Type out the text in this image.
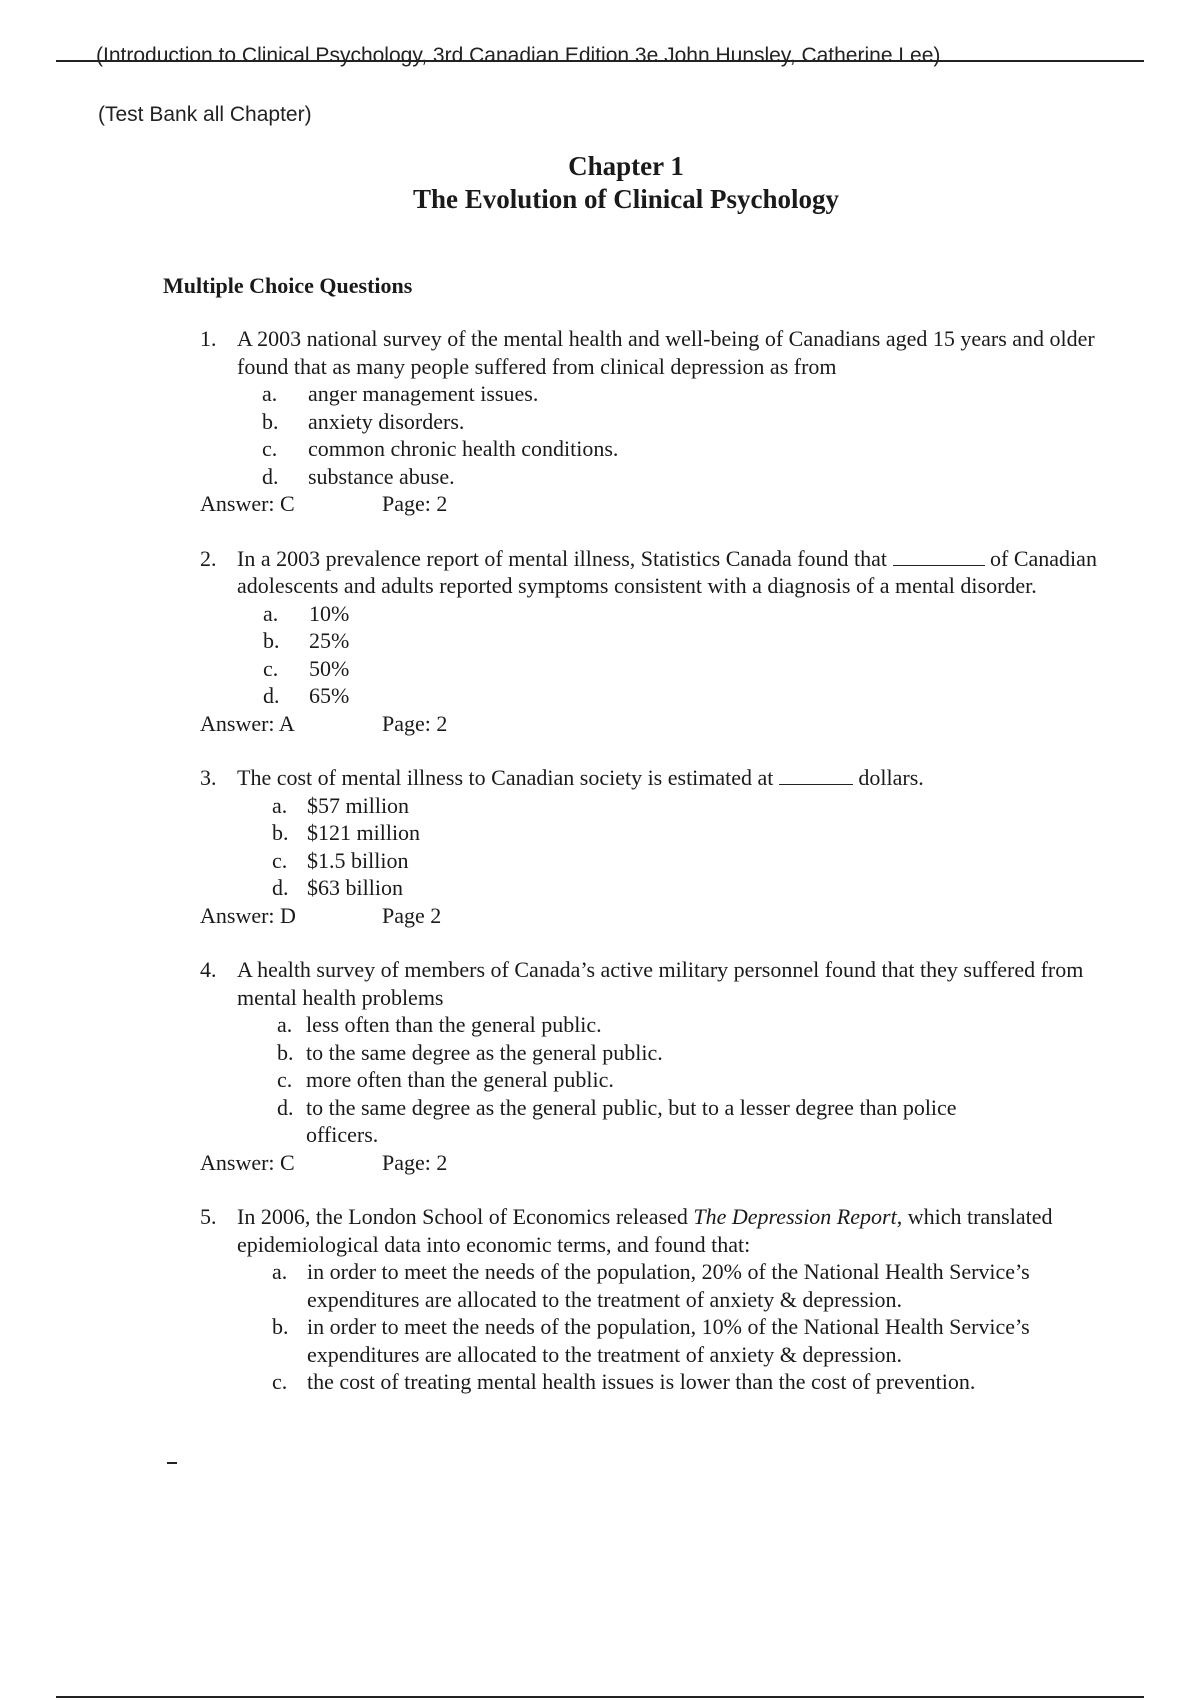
(Introduction to Clinical Psychology, 3rd Canadian Edition 3e John Hunsley, Catherine Lee)
(Test Bank all Chapter)
Chapter 1
The Evolution of Clinical Psychology
Multiple Choice Questions
1. A 2003 national survey of the mental health and well-being of Canadians aged 15 years and older found that as many people suffered from clinical depression as from
a.	anger management issues.
b.	anxiety disorders.
c.	common chronic health conditions.
d.	substance abuse.
Answer: C	Page: 2
2. In a 2003 prevalence report of mental illness, Statistics Canada found that	of Canadian adolescents and adults reported symptoms consistent with a diagnosis of a mental disorder.
a.	10%
b.	25%
c.	50%
d.	65%
Answer: A	Page: 2
3. The cost of mental illness to Canadian society is estimated at	dollars.
a. $57 million
b. $121 million
c. $1.5 billion
d. $63 billion
Answer: D	Page 2
4. A health survey of members of Canada’s active military personnel found that they suffered from mental health problems
a. less often than the general public.
b. to the same degree as the general public.
c. more often than the general public.
d. to the same degree as the general public, but to a lesser degree than police officers.
Answer: C	Page: 2
5. In 2006, the London School of Economics released The Depression Report, which translated epidemiological data into economic terms, and found that:
a. in order to meet the needs of the population, 20% of the National Health Service’s expenditures are allocated to the treatment of anxiety & depression.
b. in order to meet the needs of the population, 10% of the National Health Service’s expenditures are allocated to the treatment of anxiety & depression.
c. the cost of treating mental health issues is lower than the cost of prevention.
